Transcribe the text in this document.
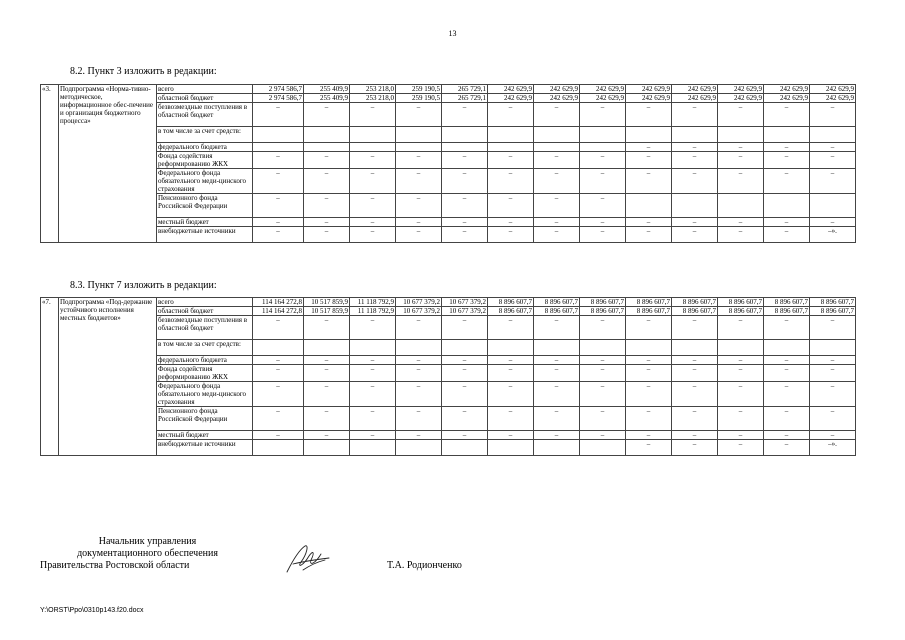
13
8.2. Пункт 3 изложить в редакции:
«3.	Подпрограмма «Норма-тивно-методическое, информационное обес-печение и организация бюджетного процесса»	всего	2 974 586,7	255 409,9	253 218,0	259 190,5	265 729,1	242 629,9	242 629,9	242 629,9	242 629,9	242 629,9	242 629,9	242 629,9	242 629,9
		областной бюджет	2 974 586,7	255 409,9	253 218,0	259 190,5	265 729,1	242 629,9	242 629,9	242 629,9	242 629,9	242 629,9	242 629,9	242 629,9	242 629,9
		безвозмездные поступления в областной бюджет	–	–	–	–	–	–	–	–	–	–	–	–	–
		в том числе за счет средств:													
		федерального бюджета									–	–	–	–	–
		Фонда содействия реформированию ЖКХ	–	–	–	–	–	–	–	–	–	–	–	–	–
		Федерального фонда обязательного меди-цинского страхования	–	–	–	–	–	–	–	–	–	–	–	–	–
		Пенсионного фонда Российской Федерации	–	–	–	–	–	–	–	–					
		местный бюджет	–	–	–	–	–	–	–	–	–	–	–	–	–
		внебюджетные источники	–	–	–	–	–	–	–	–	–	–	–	–	–».
8.3. Пункт 7 изложить в редакции:
«7.	Подпрограмма «Под-держание устойчивого исполнения местных бюджетов»	всего	114 164 272,8	10 517 859,9	11 118 792,9	10 677 379,2	10 677 379,2	8 896 607,7	8 896 607,7	8 896 607,7	8 896 607,7	8 896 607,7	8 896 607,7	8 896 607,7	8 896 607,7
		областной бюджет	114 164 272,8	10 517 859,9	11 118 792,9	10 677 379,2	10 677 379,2	8 896 607,7	8 896 607,7	8 896 607,7	8 896 607,7	8 896 607,7	8 896 607,7	8 896 607,7	8 896 607,7
		безвозмездные поступления в областной бюджет	–	–	–	–	–	–	–	–	–	–	–	–	–
		в том числе за счет средств:													
		федерального бюджета	–	–	–	–	–	–	–	–	–	–	–	–	–
		Фонда содействия реформированию ЖКХ	–	–	–	–	–	–	–	–	–	–	–	–	–
		Федерального фонда обязательного меди-цинского страхования	–	–	–	–	–	–	–	–	–	–	–	–	–
		Пенсионного фонда Российской Федерации	–	–	–	–	–	–	–	–	–	–	–	–	–
		местный бюджет	–	–	–	–	–	–	–	–	–	–	–	–	–
		внебюджетные источники									–	–	–	–	–».
Начальник управления
документационного обеспечения
Правительства Ростовской области	Т.А. Родионченко
Y:\ORST\Ppo\0310p143.f20.docx
